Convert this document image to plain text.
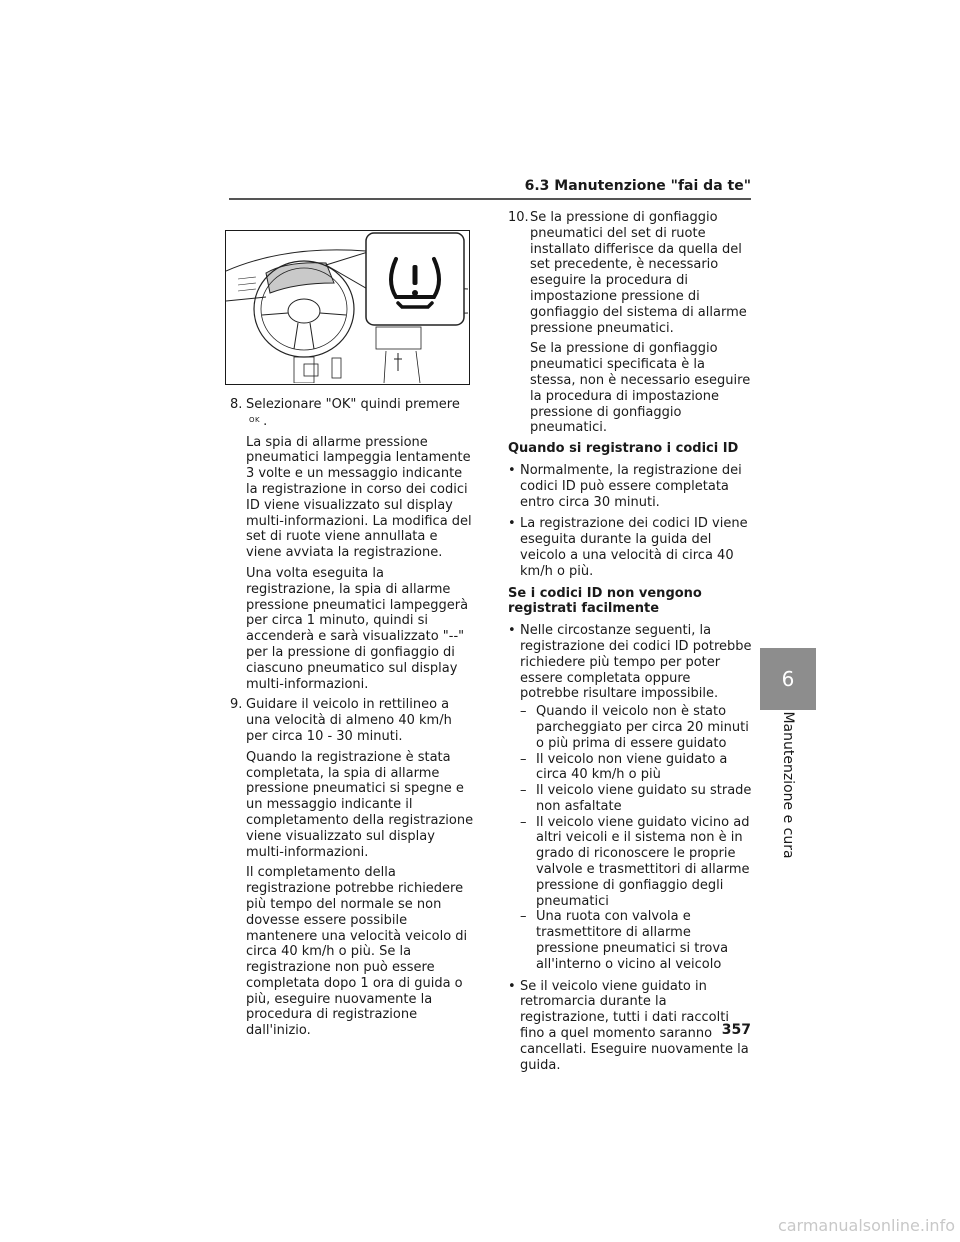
6.3 Manutenzione "fai da te"
8. Selezionare "OK" quindi premere $^{OK}$ .

La spia di allarme pressione pneumatici lampeggia lentamente 3 volte e un messaggio indicante la registrazione in corso dei codici ID viene visualizzato sul display multi-informazioni. La modifica del set di ruote viene annullata e viene avviata la registrazione.

Una volta eseguita la registrazione, la spia di allarme pressione pneumatici lampeggerà per circa 1 minuto, quindi si accenderà e sarà visualizzato "--" per la pressione di gonfiaggio di ciascuno pneumatico sul display multi-informazioni.

9. Guidare il veicolo in rettilineo a una velocità di almeno 40 km/h per circa 10 - 30 minuti.

Quando la registrazione è stata completata, la spia di allarme pressione pneumatici si spegne e un messaggio indicante il completamento della registrazione viene visualizzato sul display multi-informazioni.

Il completamento della registrazione potrebbe richiedere più tempo del normale se non dovesse essere possibile mantenere una velocità veicolo di circa 40 km/h o più. Se la registrazione non può essere completata dopo 1 ora di guida o più, eseguire nuovamente la procedura di registrazione dall'inizio.

10. Se la pressione di gonfiaggio pneumatici del set di ruote installato differisce da quella del set precedente, è necessario eseguire la procedura di impostazione pressione di gonfiaggio del sistema di allarme pressione pneumatici.

Se la pressione di gonfiaggio pneumatici specificata è la stessa, non è necessario eseguire la procedura di impostazione pressione di gonfiaggio pneumatici.

Quando si registrano i codici ID

• Normalmente, la registrazione dei codici ID può essere completata entro circa 30 minuti.
• La registrazione dei codici ID viene eseguita durante la guida del veicolo a una velocità di circa 40 km/h o più.

Se i codici ID non vengono registrati facilmente

• Nelle circostanze seguenti, la registrazione dei codici ID potrebbe richiedere più tempo per poter essere completata oppure potrebbe risultare impossibile.
– Quando il veicolo non è stato parcheggiato per circa 20 minuti o più prima di essere guidato
– Il veicolo non viene guidato a circa 40 km/h o più
– Il veicolo viene guidato su strade non asfaltate
– Il veicolo viene guidato vicino ad altri veicoli e il sistema non è in grado di riconoscere le proprie valvole e trasmettitori di allarme pressione di gonfiaggio degli pneumatici
– Una ruota con valvola e trasmettitore di allarme pressione pneumatici si trova all'interno o vicino al veicolo
• Se il veicolo viene guidato in retromarcia durante la registrazione, tutti i dati raccolti fino a quel momento saranno cancellati. Eseguire nuovamente la guida.
6
Manutenzione e cura
357
carmanualsonline.info
